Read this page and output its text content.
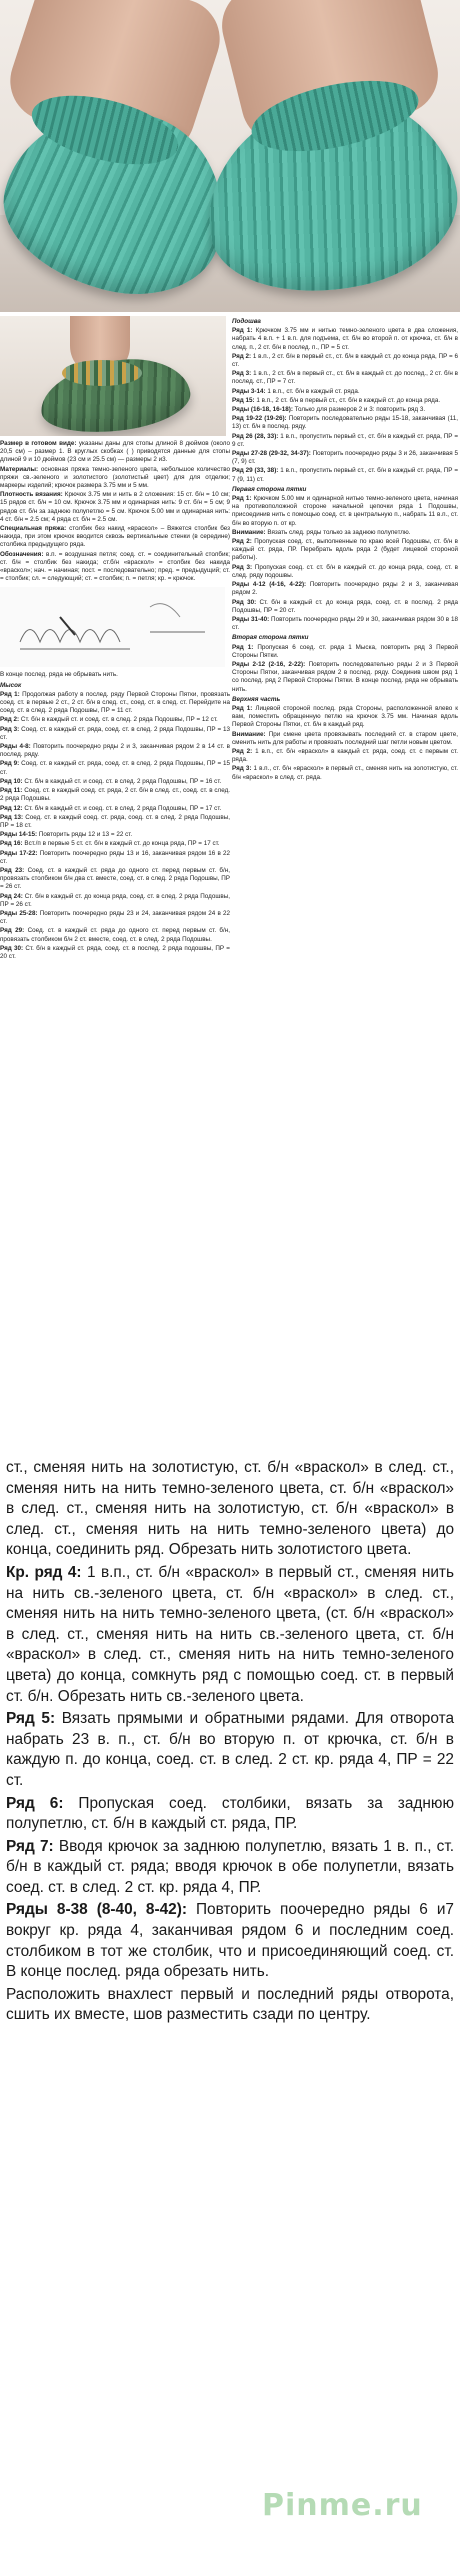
Размер в готовом виде: указаны даны для стопы длиной 8 дюймов (около 20,5 см) – размер 1. В круглых скобках ( ) приводятся данные для стопы длиной 9 и 10 дюймов (23 см и 25.5 см) — размеры 2 и3.

Материалы: основная пряжа темно-зеленого цвета, небольшое количество пряжи св.-зеленого и золотистого (золотистый цвет) для для отделки; маркеры изделий; крючок размера 3.75 мм и 5 мм.

Плотность вязания: Крючок 3.75 мм и нить в 2 сложения: 15 ст. б/н = 10 см; 15 рядов ст. б/н = 10 см. Крючок 3.75 мм и одинарная нить: 9 ст. б/н = 5 см; 9 рядов ст. б/н за заднюю полупетлю = 5 см. Крючок 5.00 мм и одинарная нить: 4 ст. б/н = 2.5 см; 4 ряда ст. б/н = 2.5 см.

Специальная пряжа: столбик без накид «враскол» – Вяжется столбик без накида, при этом крючок вводится сквозь вертикальные стенки (в середине) столбика предыдущего ряда.

Обозначения: в.п. = воздушная петля; соед. ст. = соединительный столбик; ст. б/н = столбик без накида; ст.б/н «враскол» = столбик без накида «враскол»; нач. = начиная; пост. = последовательно; пред. = предыдущий; ст. = столбик; сл. = следующий; ст. = столбик; п. = петля; кр. = крючок.

В конце послед. ряда не обрывать нить.

Мысок

Ряд 1: Продолжая работу в послед. ряду Первой Стороны Пятки, провязать соед. ст. в первые 2 ст., 2 ст. б/н в след. ст., соед. ст. в след. ст. Перейдите на соед. ст. в след. 2 ряда Подошвы, ПР = 11 ст.

Ряд 2: Ст. б/н в каждый ст. и соед. ст. в след. 2 ряда Подошвы, ПР = 12 ст.

Ряд 3: Соед. ст. в каждый ст. ряда, соед. ст. в след. 2 ряда Подошвы, ПР = 13 ст.

Ряды 4-8: Повторить поочередно ряды 2 и 3, заканчивая рядом 2 в 14 ст. в послед. ряду.

Ряд 9: Соед. ст. в каждый ст. ряда, соед. ст. в след. 2 ряда Подошвы, ПР = 15 ст.

Ряд 10: Ст. б/н в каждый ст. и соед. ст. в след. 2 ряда Подошвы, ПР = 16 ст.

Ряд 11: Соед. ст. в каждый соед. ст. ряда, 2 ст. б/н в след. ст., соед. ст. в след. 2 ряда Подошвы.

Ряд 12: Ст. б/н в каждый ст. и соед. ст. в след. 2 ряда Подошвы, ПР = 17 ст.

Ряд 13: Соед. ст. в каждый соед. ст. ряда, соед. ст. в след. 2 ряда Подошвы, ПР = 18 ст.

Ряды 14-15: Повторить ряды 12 и 13 = 22 ст.

Ряд 16: Вст./п в первые 5 ст. ст. б/н в каждый ст. до конца ряда, ПР = 17 ст.

Ряды 17-22: Повторить поочередно ряды 13 и 16, заканчивая рядом 16 в 22 ст.

Ряд 23: Соед. ст. в каждый ст. ряда до одного ст. перед первым ст. б/н, провязать столбиком б/н два ст. вместе, соед. ст. в след. 2 ряда Подошвы, ПР = 26 ст.

Ряд 24: Ст. б/н в каждый ст. до конца ряда, соед. ст. в след. 2 ряда Подошвы, ПР = 26 ст.

Ряды 25-28: Повторить поочередно ряды 23 и 24, заканчивая рядом 24 в 22 ст.

Ряд 29: Соед. ст. в каждый ст. ряда до одного ст. перед первым ст. б/н, провязать столбиком б/н 2 ст. вместе, соед. ст. в след. 2 ряда Подошвы.

Ряд 30: Ст. б/н в каждый ст. ряда, соед. ст. в послед. 2 ряда подошвы, ПР = 20 ст.

Подошва

Ряд 1: Крючком 3.75 мм и нитью темно-зеленого цвета в два сложения, набрать 4 в.п. + 1 в.п. для подъема, ст. б/н во второй п. от крючка, ст. б/н в след. п., 2 ст. б/н в послед. п., ПР = 5 ст.

Ряд 2: 1 в.п., 2 ст. б/н в первый ст., ст. б/н в каждый ст. до конца ряда, ПР = 6 ст.

Ряд 3: 1 в.п., 2 ст. б/н в первый ст., ст. б/н в каждый ст. до послед., 2 ст. б/н в послед. ст., ПР = 7 ст.

Ряды 3-14: 1 в.п., ст. б/н в каждый ст. ряда.

Ряд 15: 1 в.п., 2 ст. б/н в первый ст., ст. б/н в каждый ст. до конца ряда.

Ряды (16-18, 16-18): Только для размеров 2 и 3: повторить ряд 3.

Ряд 19-22 (19-26): Повторить последовательно ряды 15-18, заканчивая (11, 13) ст. б/н в послед. ряду.

Ряд 26 (28, 33): 1 в.п., пропустить первый ст., ст. б/н в каждый ст. ряда, ПР = 9 ст.

Ряды 27-28 (29-32, 34-37): Повторить поочередно ряды 3 и 26, заканчивая 5 (7, 9) ст.

Ряд 29 (33, 38): 1 в.п., пропустить первый ст., ст. б/н в каждый ст. ряда, ПР = 7 (9, 11) ст.

Первая сторона пятки

Ряд 1: Крючком 5.00 мм и одинарной нитью темно-зеленого цвета, начиная на противоположной стороне начальной цепочки ряда 1 Подошвы, присоединив нить с помощью соед. ст. в центральную п., набрать 11 в.п., ст. б/н во вторую п. от кр.

Внимание: Вязать след. ряды только за заднюю полупетлю.

Ряд 2: Пропуская соед. ст., выполненные по краю всей Подошвы, ст. б/н в каждый ст. ряда, ПР. Перебрать вдоль ряда 2 (будет лицевой стороной работы).

Ряд 3: Пропуская соед. ст. ст. б/н в каждый ст. до конца ряда, соед. ст. в след. ряду подошвы.

Ряды 4-12 (4-16, 4-22): Повторить поочередно ряды 2 и 3, заканчивая рядом 2.

Ряд 30: Ст. б/н в каждый ст. до конца ряда, соед. ст. в послед. 2 ряда Подошвы, ПР = 20 ст.

Ряды 31-40: Повторить поочередно ряды 29 и 30, заканчивая рядом 30 в 18 ст.

Вторая сторона пятки

Ряд 1: Пропуская 6 соед. ст. ряда 1 Мыска, повторить ряд 3 Первой Стороны Пятки.

Ряды 2-12 (2-16, 2-22): Повторить последовательно ряды 2 и 3 Первой Стороны Пятки, заканчивая рядом 2 в послед. ряду. Соединив швом ряд 1 со послед. ряд 2 Первой Стороны Пятки. В конце послед. ряда не обрывать нить.

Верхняя часть

Ряд 1: Лицевой стороной послед. ряда Стороны, расположенной влево к вам, поместить обращенную петлю на крючок 3.75 мм. Начиная вдоль Первой Стороны Пятки, ст. б/н в каждый ряд.

Внимание: При смене цвета провязывать последний ст. в старом цвете, сменить нить для работы и провязать последний шаг петли новым цветом.

Ряд 2: 1 в.п., ст. б/н «враскол» в каждый ст. ряда, соед. ст. с первым ст. ряда.

Ряд 3: 1 в.п., ст. б/н «враскол» в первый ст., сменяя нить на золотистую, ст. б/н «враскол» в след. ст. ряда.

ст., сменяя нить на золотистую, ст. б/н «враскол» в след. ст., сменяя нить на нить темно-зеленого цвета, ст. б/н «враскол» в след. ст., сменяя нить на золотистую, ст. б/н «враскол» в след. ст., сменяя нить на нить темно-зеленого цвета) до конца, соединить ряд. Обрезать нить золотистого цвета.

Кр. ряд 4: 1 в.п., ст. б/н «враскол» в первый ст., сменяя нить на нить св.-зеленого цвета, ст. б/н «враскол» в след. ст., сменяя нить на нить темно-зеленого цвета, (ст. б/н «враскол» в след. ст., сменяя нить на нить св.-зеленого цвета, ст. б/н «враскол» в след. ст., сменяя нить на нить темно-зеленого цвета) до конца, сомкнуть ряд с помощью соед. ст. в первый ст. б/н. Обрезать нить св.-зеленого цвета.

Ряд 5: Вязать прямыми и обратными рядами. Для отворота набрать 23 в. п., ст. б/н во вторую п. от крючка, ст. б/н в каждую п. до конца, соед. ст. в след. 2 ст. кр. ряда 4, ПР = 22 ст.

Ряд 6: Пропуская соед. столбики, вязать за заднюю полупетлю, ст. б/н в каждый ст. ряда, ПР.

Ряд 7: Вводя крючок за заднюю полупетлю, вязать 1 в. п., ст. б/н в каждый ст. ряда; вводя крючок в обе полупетли, вязать соед. ст. в след. 2 ст. кр. ряда 4, ПР.

Ряды 8-38 (8-40, 8-42): Повторить поочередно ряды 6 и7 вокруг кр. ряда 4, заканчивая рядом 6 и последним соед. столбиком в тот же столбик, что и присоединяющий соед. ст. В конце послед. ряда обрезать нить.

Расположить внахлест первый и последний ряды отворота, сшить их вместе, шов разместить сзади по центру.

Pinme.ru
